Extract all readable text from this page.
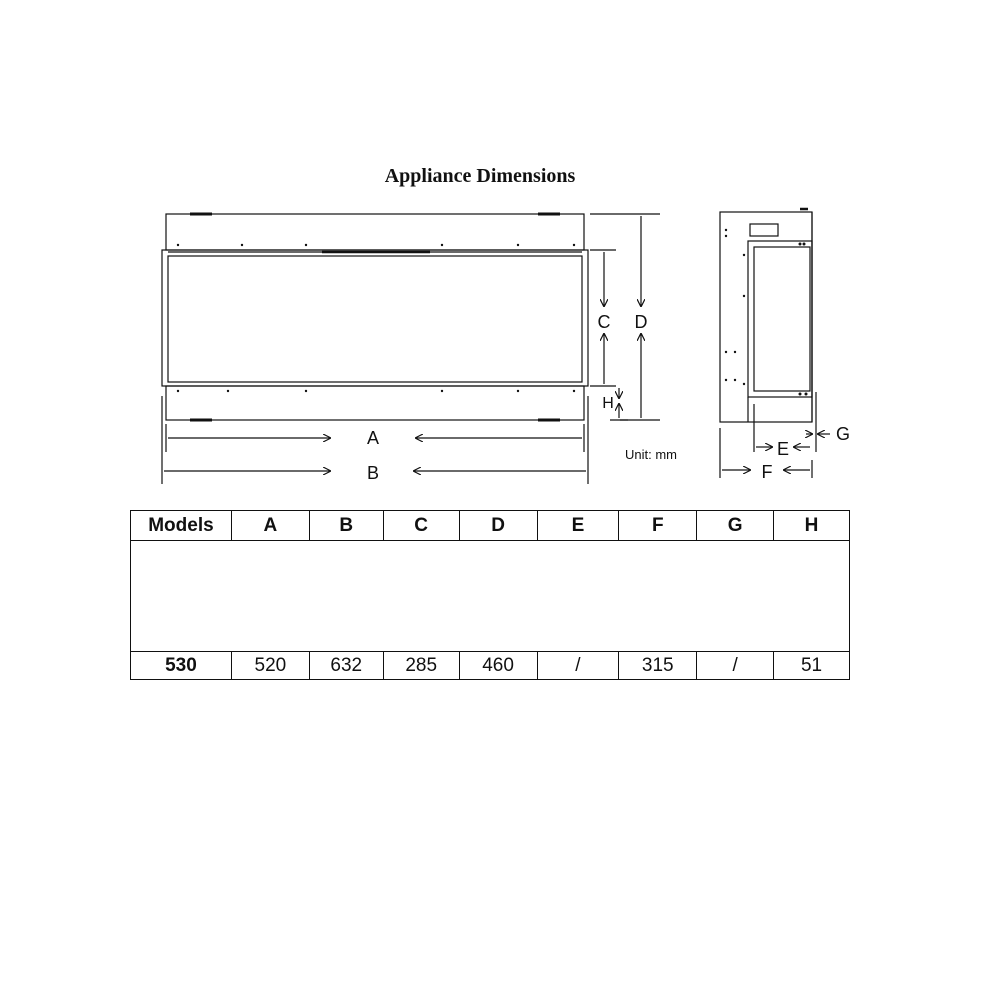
Appliance Dimensions
A
B
C D
H
E
F
G
Unit: mm
Models	A	B	C	D	E	F	G	H

530	520	632	285	460	/	315	/	51
